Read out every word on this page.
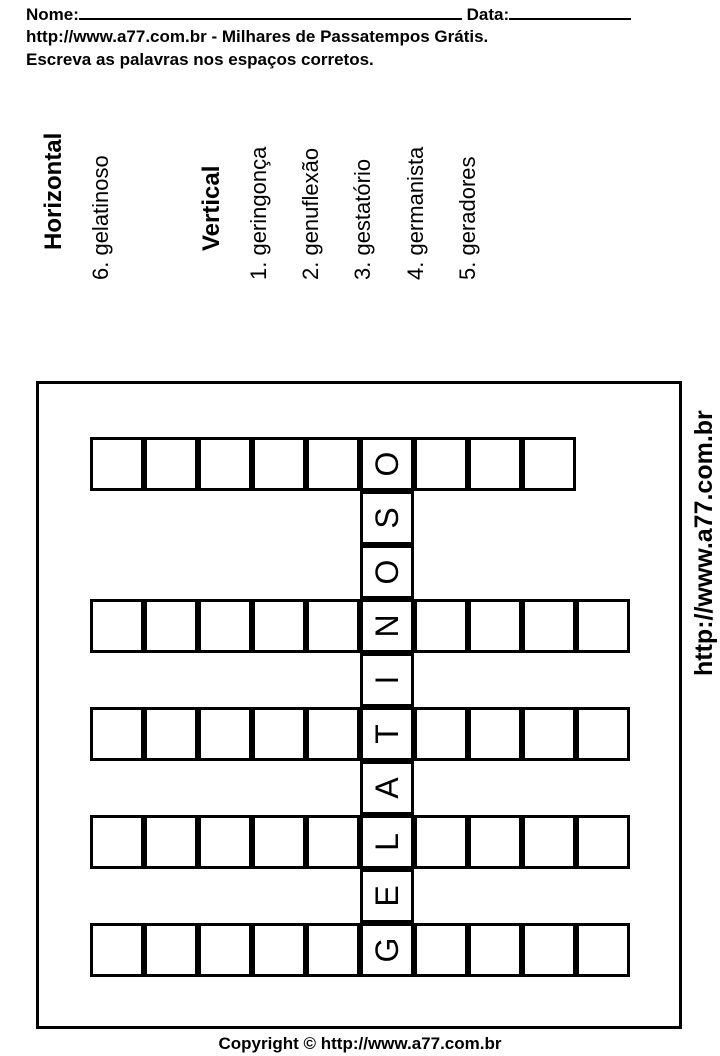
Nome:	Data:
http://www.a77.com.br - Milhares de Passatempos Grátis.
Escreva as palavras nos espaços corretos.
Horizontal 6. gelatinoso	Vertical 1. geringonça 2. genuflexão 3. gestatório 4. germanista 5. geradores
G
E
L
A
T
I
N
O
S
O	http://www.a77.com.br
Copyright © http://www.a77.com.br
